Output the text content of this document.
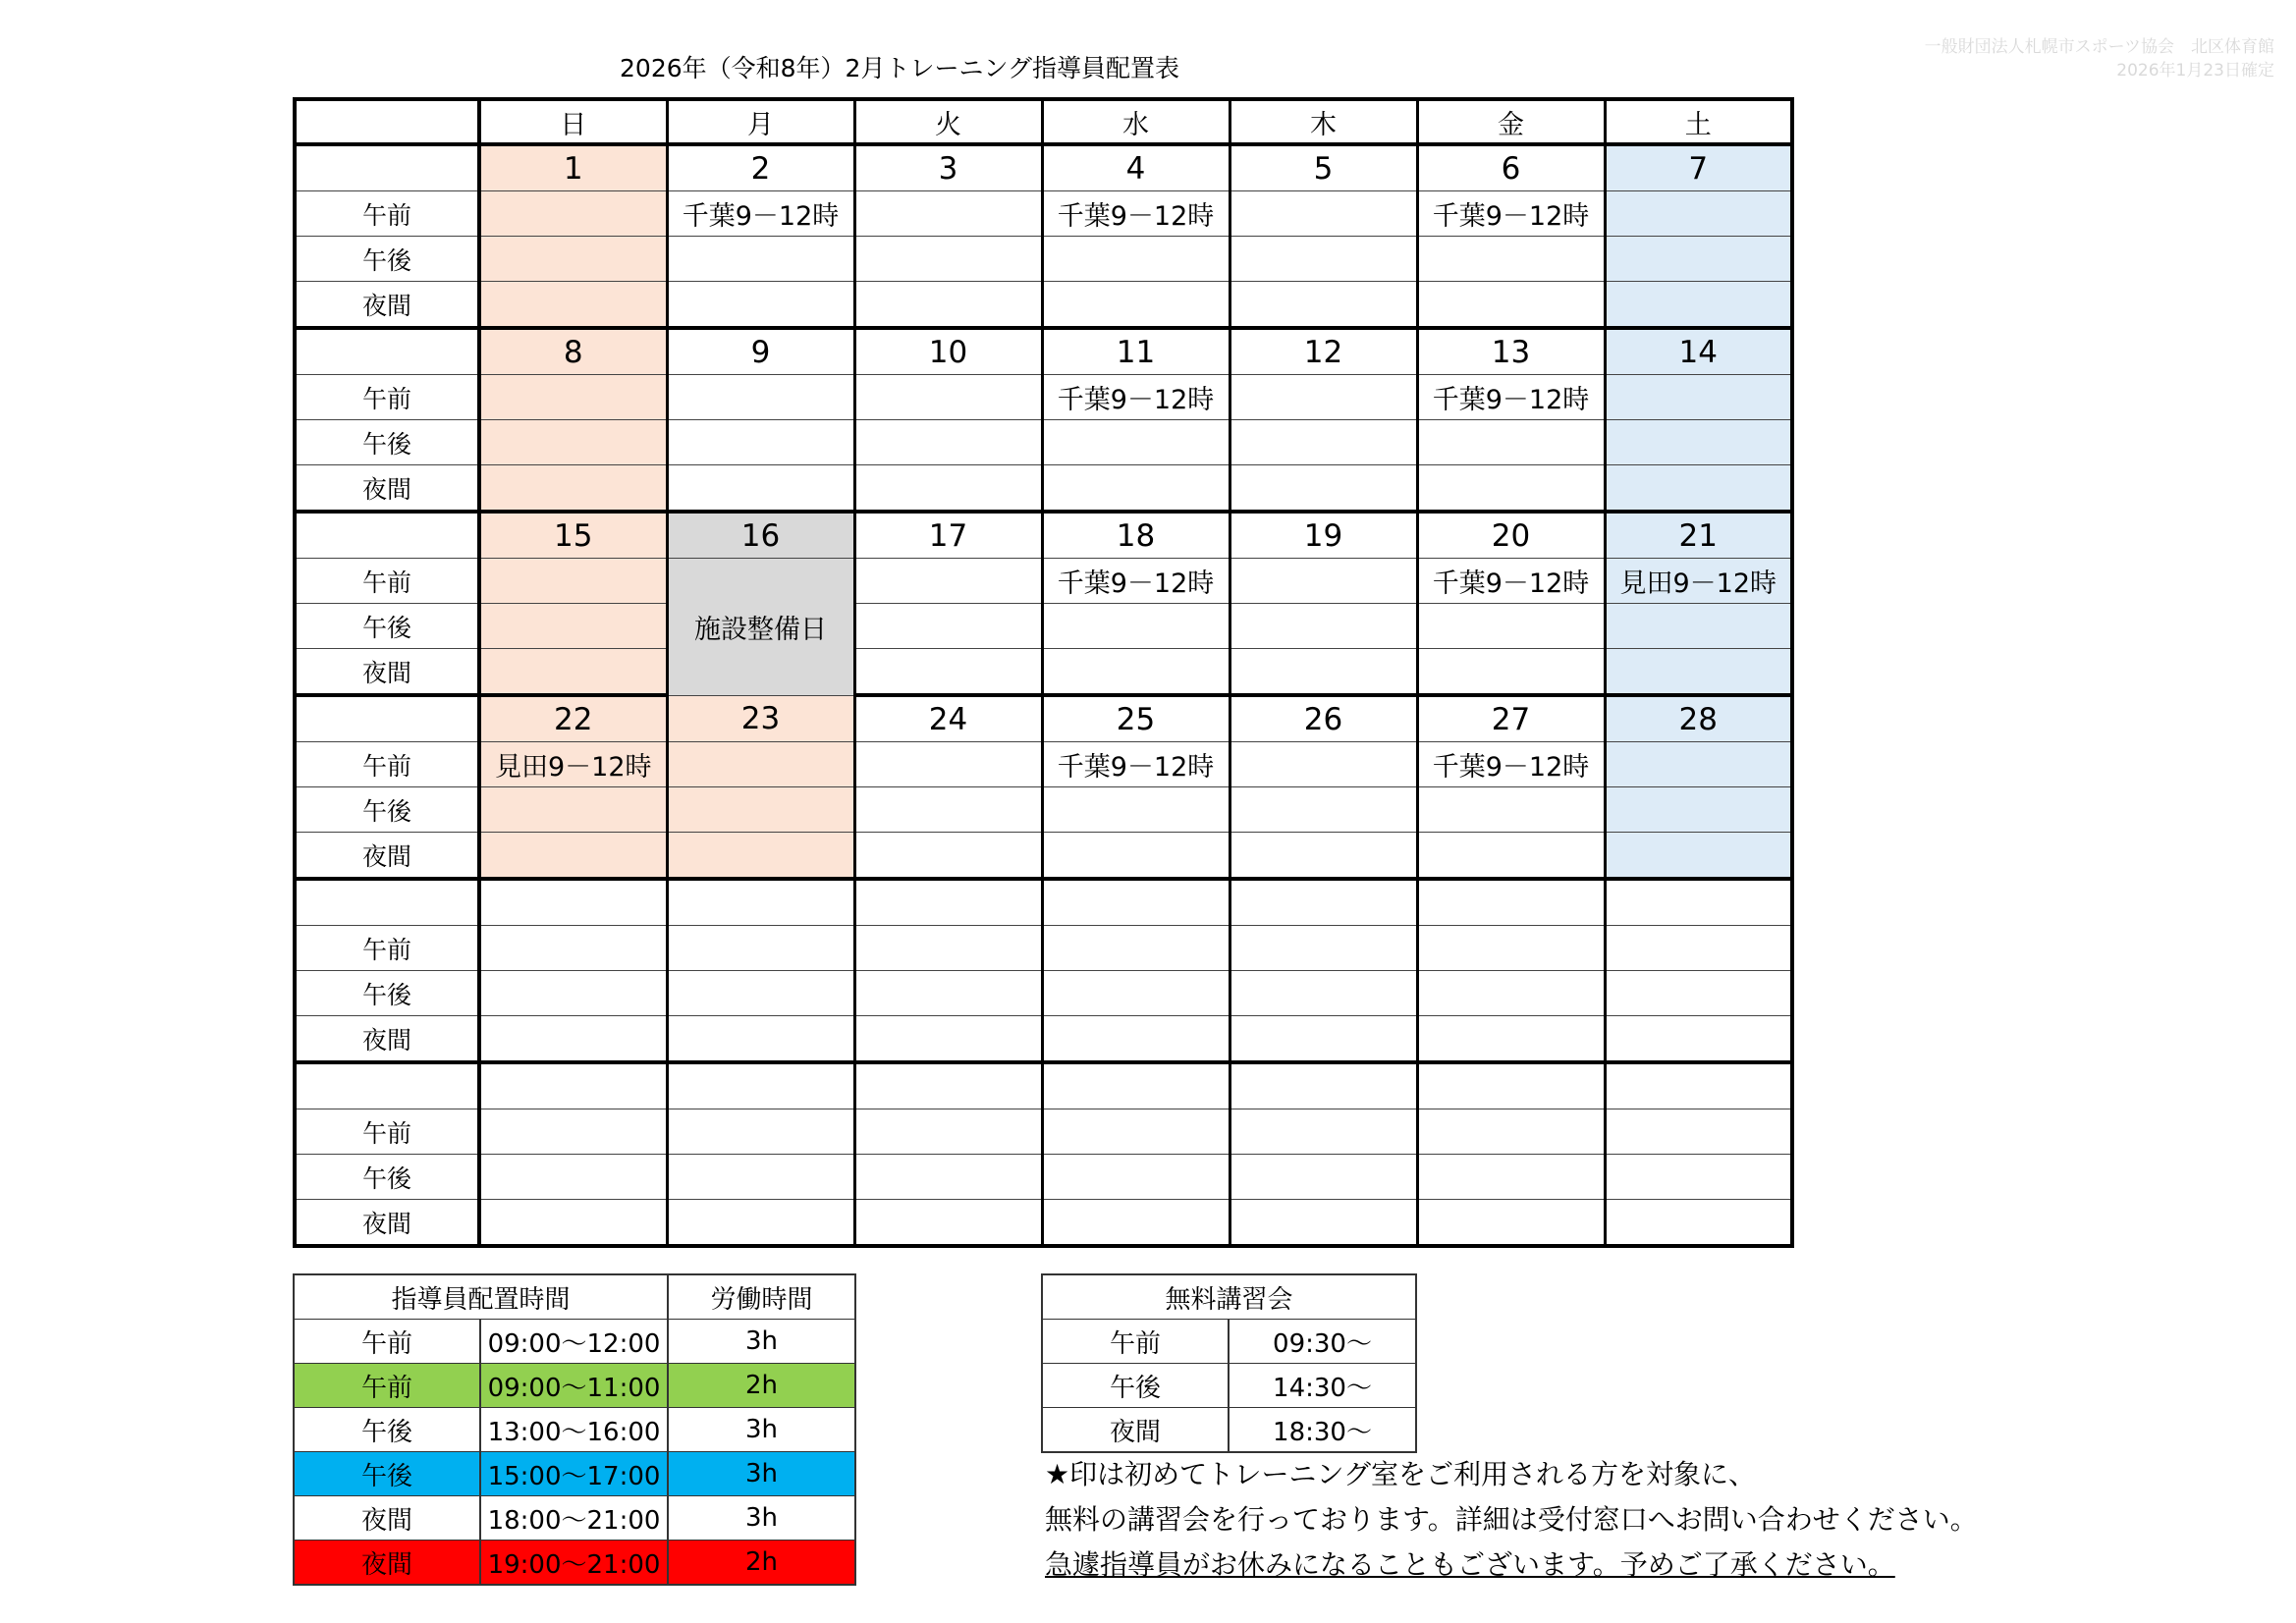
一般財団法人札幌市スポーツ協会　北区体育館
2026年1月23日確定
2026年（令和8年）2月トレーニング指導員配置表
	日	月	火	水	木	金	土
	1	2	3	4	5	6	7
午前		千葉9－12時		千葉9－12時		千葉9－12時	
午後							
夜間							
	8	9	10	11	12	13	14
午前				千葉9－12時		千葉9－12時	
午後							
夜間							
	15	16	17	18	19	20	21
午前		施設整備日		千葉9－12時		千葉9－12時	見田9－12時
午後							
夜間							
	22	23	24	25	26	27	28
午前	見田9－12時			千葉9－12時		千葉9－12時	
午後							
夜間							

午前							
午後							
夜間							

午前							
午後							
夜間							
指導員配置時間		労働時間
午前	09:00～12:00	3h
午前	09:00～11:00	2h
午後	13:00～16:00	3h
午後	15:00～17:00	3h
夜間	18:00～21:00	3h
夜間	19:00～21:00	2h
無料講習会	
午前	09:30～
午後	14:30～
夜間	18:30～
★印は初めてトレーニング室をご利用される方を対象に、
無料の講習会を行っております。詳細は受付窓口へお問い合わせください。
急遽指導員がお休みになることもございます。予めご了承ください。
